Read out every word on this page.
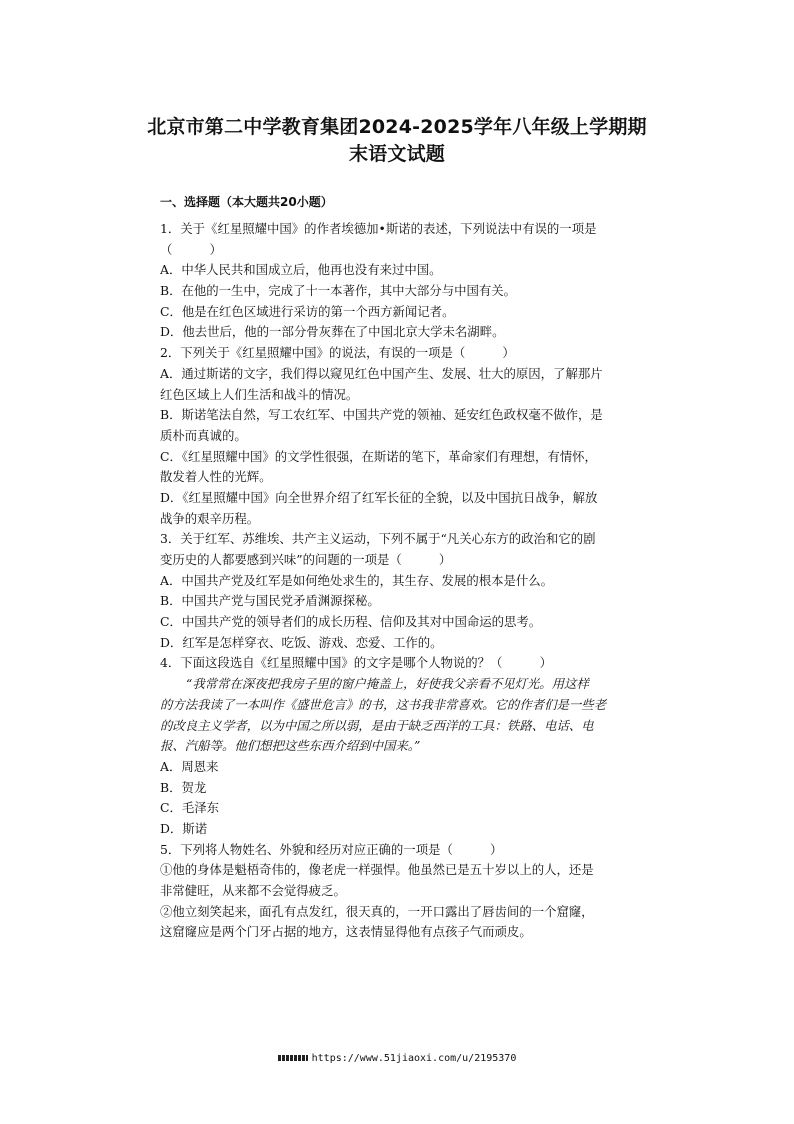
北京市第二中学教育集团2024-2025学年八年级上学期期
末语文试题
一、选择题（本大题共20小题）
1．关于《红星照耀中国》的作者埃德加•斯诺的表述，下列说法中有误的一项是
（　　　）
A．中华人民共和国成立后，他再也没有来过中国。
B．在他的一生中，完成了十一本著作，其中大部分与中国有关。
C．他是在红色区域进行采访的第一个西方新闻记者。
D．他去世后，他的一部分骨灰葬在了中国北京大学未名湖畔。
2．下列关于《红星照耀中国》的说法，有误的一项是（　　　）
A．通过斯诺的文字，我们得以窥见红色中国产生、发展、壮大的原因，了解那片
红色区域上人们生活和战斗的情况。
B．斯诺笔法自然，写工农红军、中国共产党的领袖、延安红色政权毫不做作，是
质朴而真诚的。
C．《红星照耀中国》的文学性很强，在斯诺的笔下，革命家们有理想，有情怀，
散发着人性的光辉。
D．《红星照耀中国》向全世界介绍了红军长征的全貌，以及中国抗日战争，解放
战争的艰辛历程。
3．关于红军、苏维埃、共产主义运动，下列不属于“凡关心东方的政治和它的剧
变历史的人都要感到兴味”的问题的一项是（　　　）
A．中国共产党及红军是如何绝处求生的，其生存、发展的根本是什么。
B．中国共产党与国民党矛盾渊源探秘。
C．中国共产党的领导者们的成长历程、信仰及其对中国命运的思考。
D．红军是怎样穿衣、吃饭、游戏、恋爱、工作的。
4．下面这段选自《红星照耀中国》的文字是哪个人物说的？（　　　）
“我常常在深夜把我房子里的窗户掩盖上，好使我父亲看不见灯光。用这样
的方法我读了一本叫作《盛世危言》的书，这书我非常喜欢。它的作者们是一些老
的改良主义学者，以为中国之所以弱，是由于缺乏西洋的工具：铁路、电话、电
报、汽船等。他们想把这些东西介绍到中国来。”
A．周恩来
B．贺龙
C．毛泽东
D．斯诺
5．下列将人物姓名、外貌和经历对应正确的一项是（　　　）
①他的身体是魁梧奇伟的，像老虎一样强悍。他虽然已是五十岁以上的人，还是
非常健旺，从来都不会觉得疲乏。
②他立刻笑起来，面孔有点发红，很天真的，一开口露出了唇齿间的一个窟窿，
这窟窿应是两个门牙占据的地方，这表情显得他有点孩子气而顽皮。
https://www.51jiaoxi.com/u/2195370
